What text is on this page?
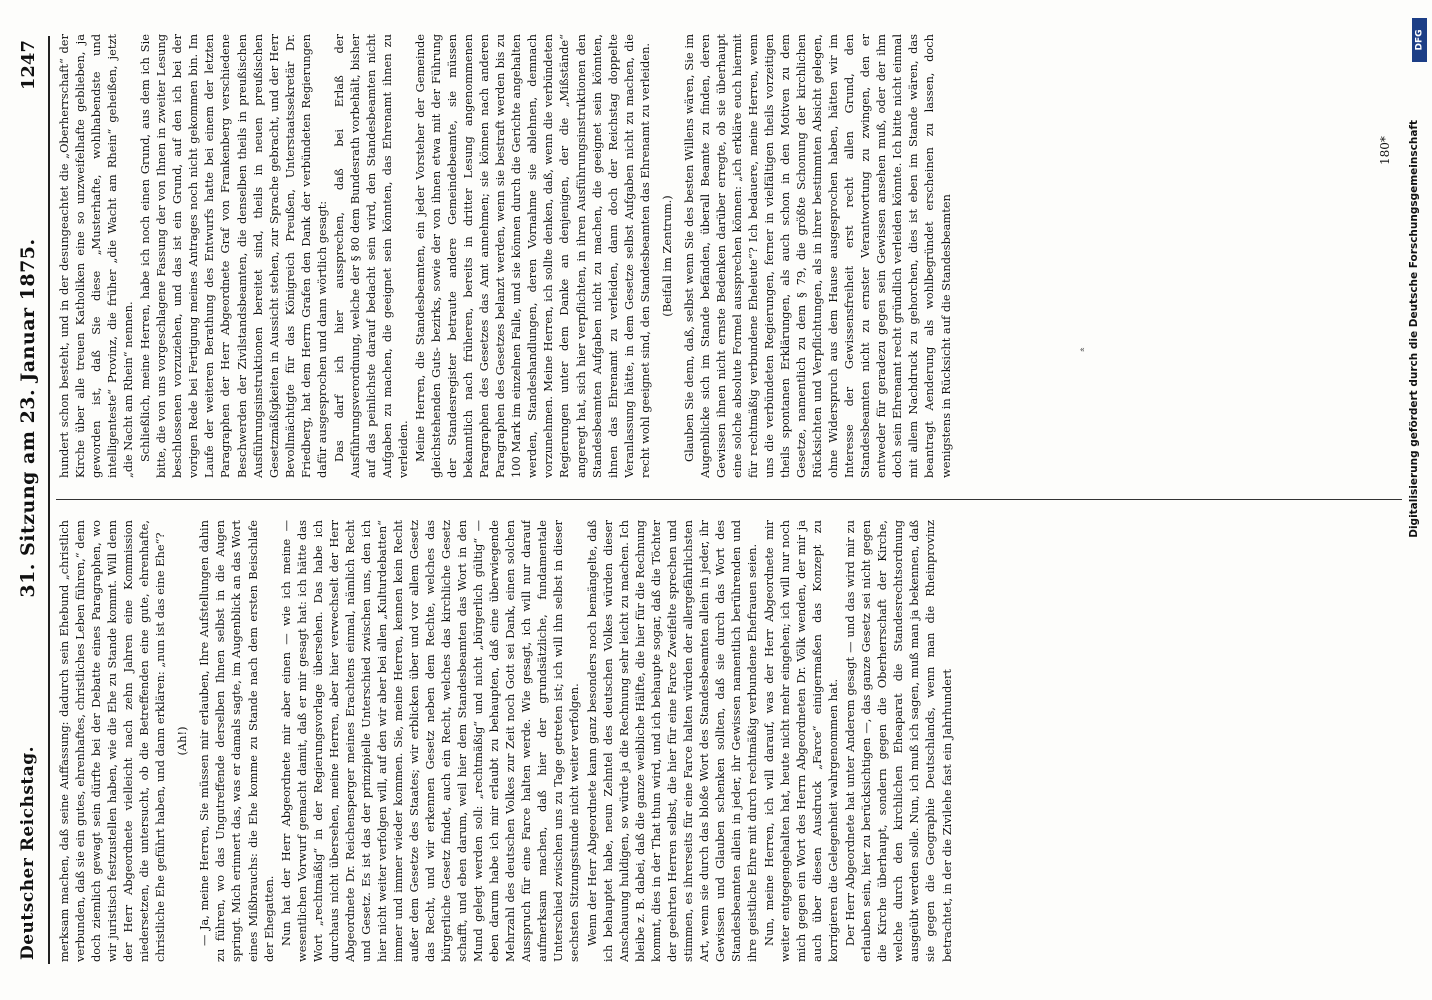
Deutscher Reichstag.
31. Sitzung am 23. Januar 1875.
1247

merksam machen, daß seine Auffassung: dadurch sein Ehebund „christlich verbunden, daß sie ein gutes, ehrenhaftes, christliches Leben führen,“ denn doch ziemlich gewagt sein dürfte bei der Debatte eines Paragraphen, wo wir juristisch festzustellen haben, wie die Ehe zu Stande kommt. Will denn der Herr Abgeordnete vielleicht nach zehn Jahren eine Kommission niedersetzen, die untersucht, ob die Betreffenden eine gute, ehrenhafte, christliche Ehe geführt haben, und dann erklären: „nun ist das eine Ehe“? (Ah!) — Ja, meine Herren, Sie müssen mir erlauben, Ihre Aufstellungen dahin zu führen, wo das Ungutreffende derselben Ihnen selbst in die Augen springt. Mich erinnert das, was er damals sagte, im Augenblick an das Wort eines Mißbrauchs: die Ehe komme zu Stande nach dem ersten Beischlafe der Ehegatten. Nun hat der Herr Abgeordnete mir aber einen — wie ich meine — wesentlichen Vorwurf gemacht damit, daß er mir gesagt hat: ich hätte das Wort „rechtmäßig“ in der Regierungsvorlage übersehen. Das habe ich durchaus nicht übersehen, meine Herren, aber hier verwechselt der Herr Abgeordnete Dr. Reichensperger meines Erachtens einmal, nämlich Recht und Gesetz. Es ist das der prinzipielle Unterschied zwischen uns, den ich hier nicht weiter verfolgen will, auf den wir aber bei allen „Kulturdebatten“ immer und immer wieder kommen. Sie, meine Herren, kennen kein Recht außer dem Gesetze des Staates; wir erblicken über und vor allem Gesetz das Recht, und wir erkennen Gesetz neben dem Rechte, welches das bürgerliche Gesetz findet, auch ein Recht, welches das kirchliche Gesetz schafft, und eben darum, weil hier dem Standesbeamten das Wort in den Mund gelegt werden soll: „rechtmäßig“ und nicht „bürgerlich gültig“ — eben darum habe ich mir erlaubt zu behaupten, daß eine überwiegende Mehrzahl des deutschen Volkes zur Zeit noch Gott sei Dank, einen solchen Ausspruch für eine Farce halten werde. Wie gesagt, ich will nur darauf aufmerksam machen, daß hier der grundsätzliche, fundamentale Unterschied zwischen uns zu Tage getreten ist; ich will ihn selbst in dieser sechsten Sitzungsstunde nicht weiter verfolgen. Wenn der Herr Abgeordnete kann ganz besonders noch bemängelte, daß ich behauptet habe, neun Zehntel des deutschen Volkes würden dieser Anschauung huldigen, so würde ja die Rechnung sehr leicht zu machen. Ich bleibe z. B. dabei, daß die ganze weibliche Hälfte, die hier für die Rechnung kommt, dies in der That thun wird, und ich behaupte sogar, daß die Töchter der geehrten Herren selbst, die hier für eine Farce Zweifelte sprechen und stimmen, es ihrerseits für eine Farce halten würden der allergefährlichsten Art, wenn sie durch das bloße Wort des Standesbeamten allein in jeder, ihr Gewissen und Glauben schenken sollten, daß sie durch das Wort des Standesbeamten allein in jeder, ihr Gewissen namentlich berührenden und ihre geistliche Ehre mit durch rechtmäßig verbundene Ehefrauen seien. Nun, meine Herren, ich will darauf, was der Herr Abgeordnete mir weiter entgegengehalten hat, heute nicht mehr eingehen; ich will nur noch mich gegen ein Wort des Herrn Abgeordneten Dr. Völk wenden, der mir ja auch über diesen Ausdruck „Farce“ einigermaßen das Konzept zu korrigieren die Gelegenheit wahrgenommen hat. Der Herr Abgeordnete hat unter Anderem gesagt — und das wird mir zu erlauben sein, hier zu berücksichtigen —, das ganze Gesetz sei nicht gegen die Kirche überhaupt, sondern gegen die Oberherrschaft der Kirche, welche durch den kirchlichen Eheaparat die Standesrechtsordnung ausgeübt werden solle. Nun, ich muß ich sagen, muß man ja bekennen, daß sie gegen die Geographie Deutschlands, wenn man die Rheinprovinz betrachtet, in der die Zivilehe fast ein Jahrhundert

hundert schon besteht, und in der desungeachtet die „Oberherrschaft“ der Kirche über alle treuen Katholiken eine so unzweifelhafte geblieben, ja geworden ist, daß Sie diese „Musterhafte, wohlhabendste und intelligenteste“ Provinz, die früher „die Wacht am Rhein“ geheißen, jetzt „die Nacht am Rhein“ nennen. Schließlich, meine Herren, habe ich noch einen Grund, aus dem ich Sie bitte, die von uns vorgeschlagene Fassung der von Ihnen in zweiter Lesung beschlossenen vorzuziehen, und das ist ein Grund, auf den ich bei der vorigen Rede bei Fertigung meines Antrages noch nicht gekommen bin. Im Laufe der weiteren Berathung des Entwurfs hatte bei einem der letzten Paragraphen der Herr Abgeordnete Graf von Frankenberg verschiedene Beschwerden der Zivilstandsbeamten, die denselben theils in preußischen Ausführungsinstruktionen bereitet sind, theils in neuen preußischen Gesetzmäßigkeiten in Aussicht stehen, zur Sprache gebracht, und der Herr Bevollmächtigte für das Königreich Preußen, Unterstaatssekretär Dr. Friedberg, hat dem Herrn Grafen den Dank der verbündeten Regierungen dafür ausgesprochen und dann wörtlich gesagt: Das darf ich hier aussprechen, daß bei Erlaß der Ausführungsverordnung, welche der § 80 dem Bundesrath vorbehält, bisher auf das peinlichste darauf bedacht sein wird, den Standesbeamten nicht Aufgaben zu machen, die geeignet sein könnten, das Ehrenamt ihnen zu verleiden. Meine Herren, die Standesbeamten, ein jeder Vorsteher der Gemeinde gleichstehenden Guts- bezirks, sowie der von ihnen etwa mit der Führung der Standesregister betraute andere Gemeindebeamte, sie müssen bekanntlich nach früheren, bereits in dritter Lesung angenommenen Paragraphen des Gesetzes das Amt annehmen; sie können nach anderen Paragraphen des Gesetzes belanzt werden, wenn sie bestraft werden bis zu 100 Mark im einzelnen Falle, und sie können durch die Gerichte angehalten werden, Standeshandlungen, deren Vornahme sie ablehnen, demnach vorzunehmen. Meine Herren, ich sollte denken, daß, wenn die verbündeten Regierungen unter dem Danke an denjenigen, der die „Mißstände“ angeregt hat, sich hier verpflichten, in ihren Ausführungsinstruktionen den Standesbeamten Aufgaben nicht zu machen, die geeignet sein könnten, ihnen das Ehrenamt zu verleiden, dann doch der Reichstag doppelte Veranlassung hätte, in dem Gesetze selbst Aufgaben nicht zu machen, die recht wohl geeignet sind, den Standesbeamten das Ehrenamt zu verleiden. (Beifall im Zentrum.) Glauben Sie denn, daß, selbst wenn Sie des besten Willens wären, Sie im Augenblicke sich im Stande befänden, überall Beamte zu finden, deren Gewissen ihnen nicht ernste Bedenken darüber erregte, ob sie überhaupt eine solche absolute Formel aussprechen können: „ich erkläre euch hiermit für rechtmäßig verbundene Eheleute“? Ich bedauere, meine Herren, wenn uns die verbündeten Regierungen, ferner in vielfältigen theils vorzeitigen theils spontanen Erklärungen, als auch schon in den Motiven zu dem Gesetze, namentlich zu dem § 79, die größte Schonung der kirchlichen Rücksichten und Verpflichtungen, als in ihrer bestimmten Absicht gelegen, ohne Widerspruch aus dem Hause ausgesprochen haben, hätten wir im Interesse der Gewissensfreiheit erst recht allen Grund, den Standesbeamten nicht zu ernster Verantwortung zu zwingen, den er entweder für geradezu gegen sein Gewissen ansehen muß, oder der ihm doch sein Ehrenamt recht gründlich verleiden könnte. Ich bitte nicht einmal mit allem Nachdruck zu gehorchen, dies ist eben im Stande wären, das beantragt Aenderung als wohlbegründet erscheinen zu lassen, doch wenigstens in Rücksicht auf die Standesbeamten

180*
«
DFG
Digitalisierung gefördert durch die Deutsche Forschungsgemeinschaft
